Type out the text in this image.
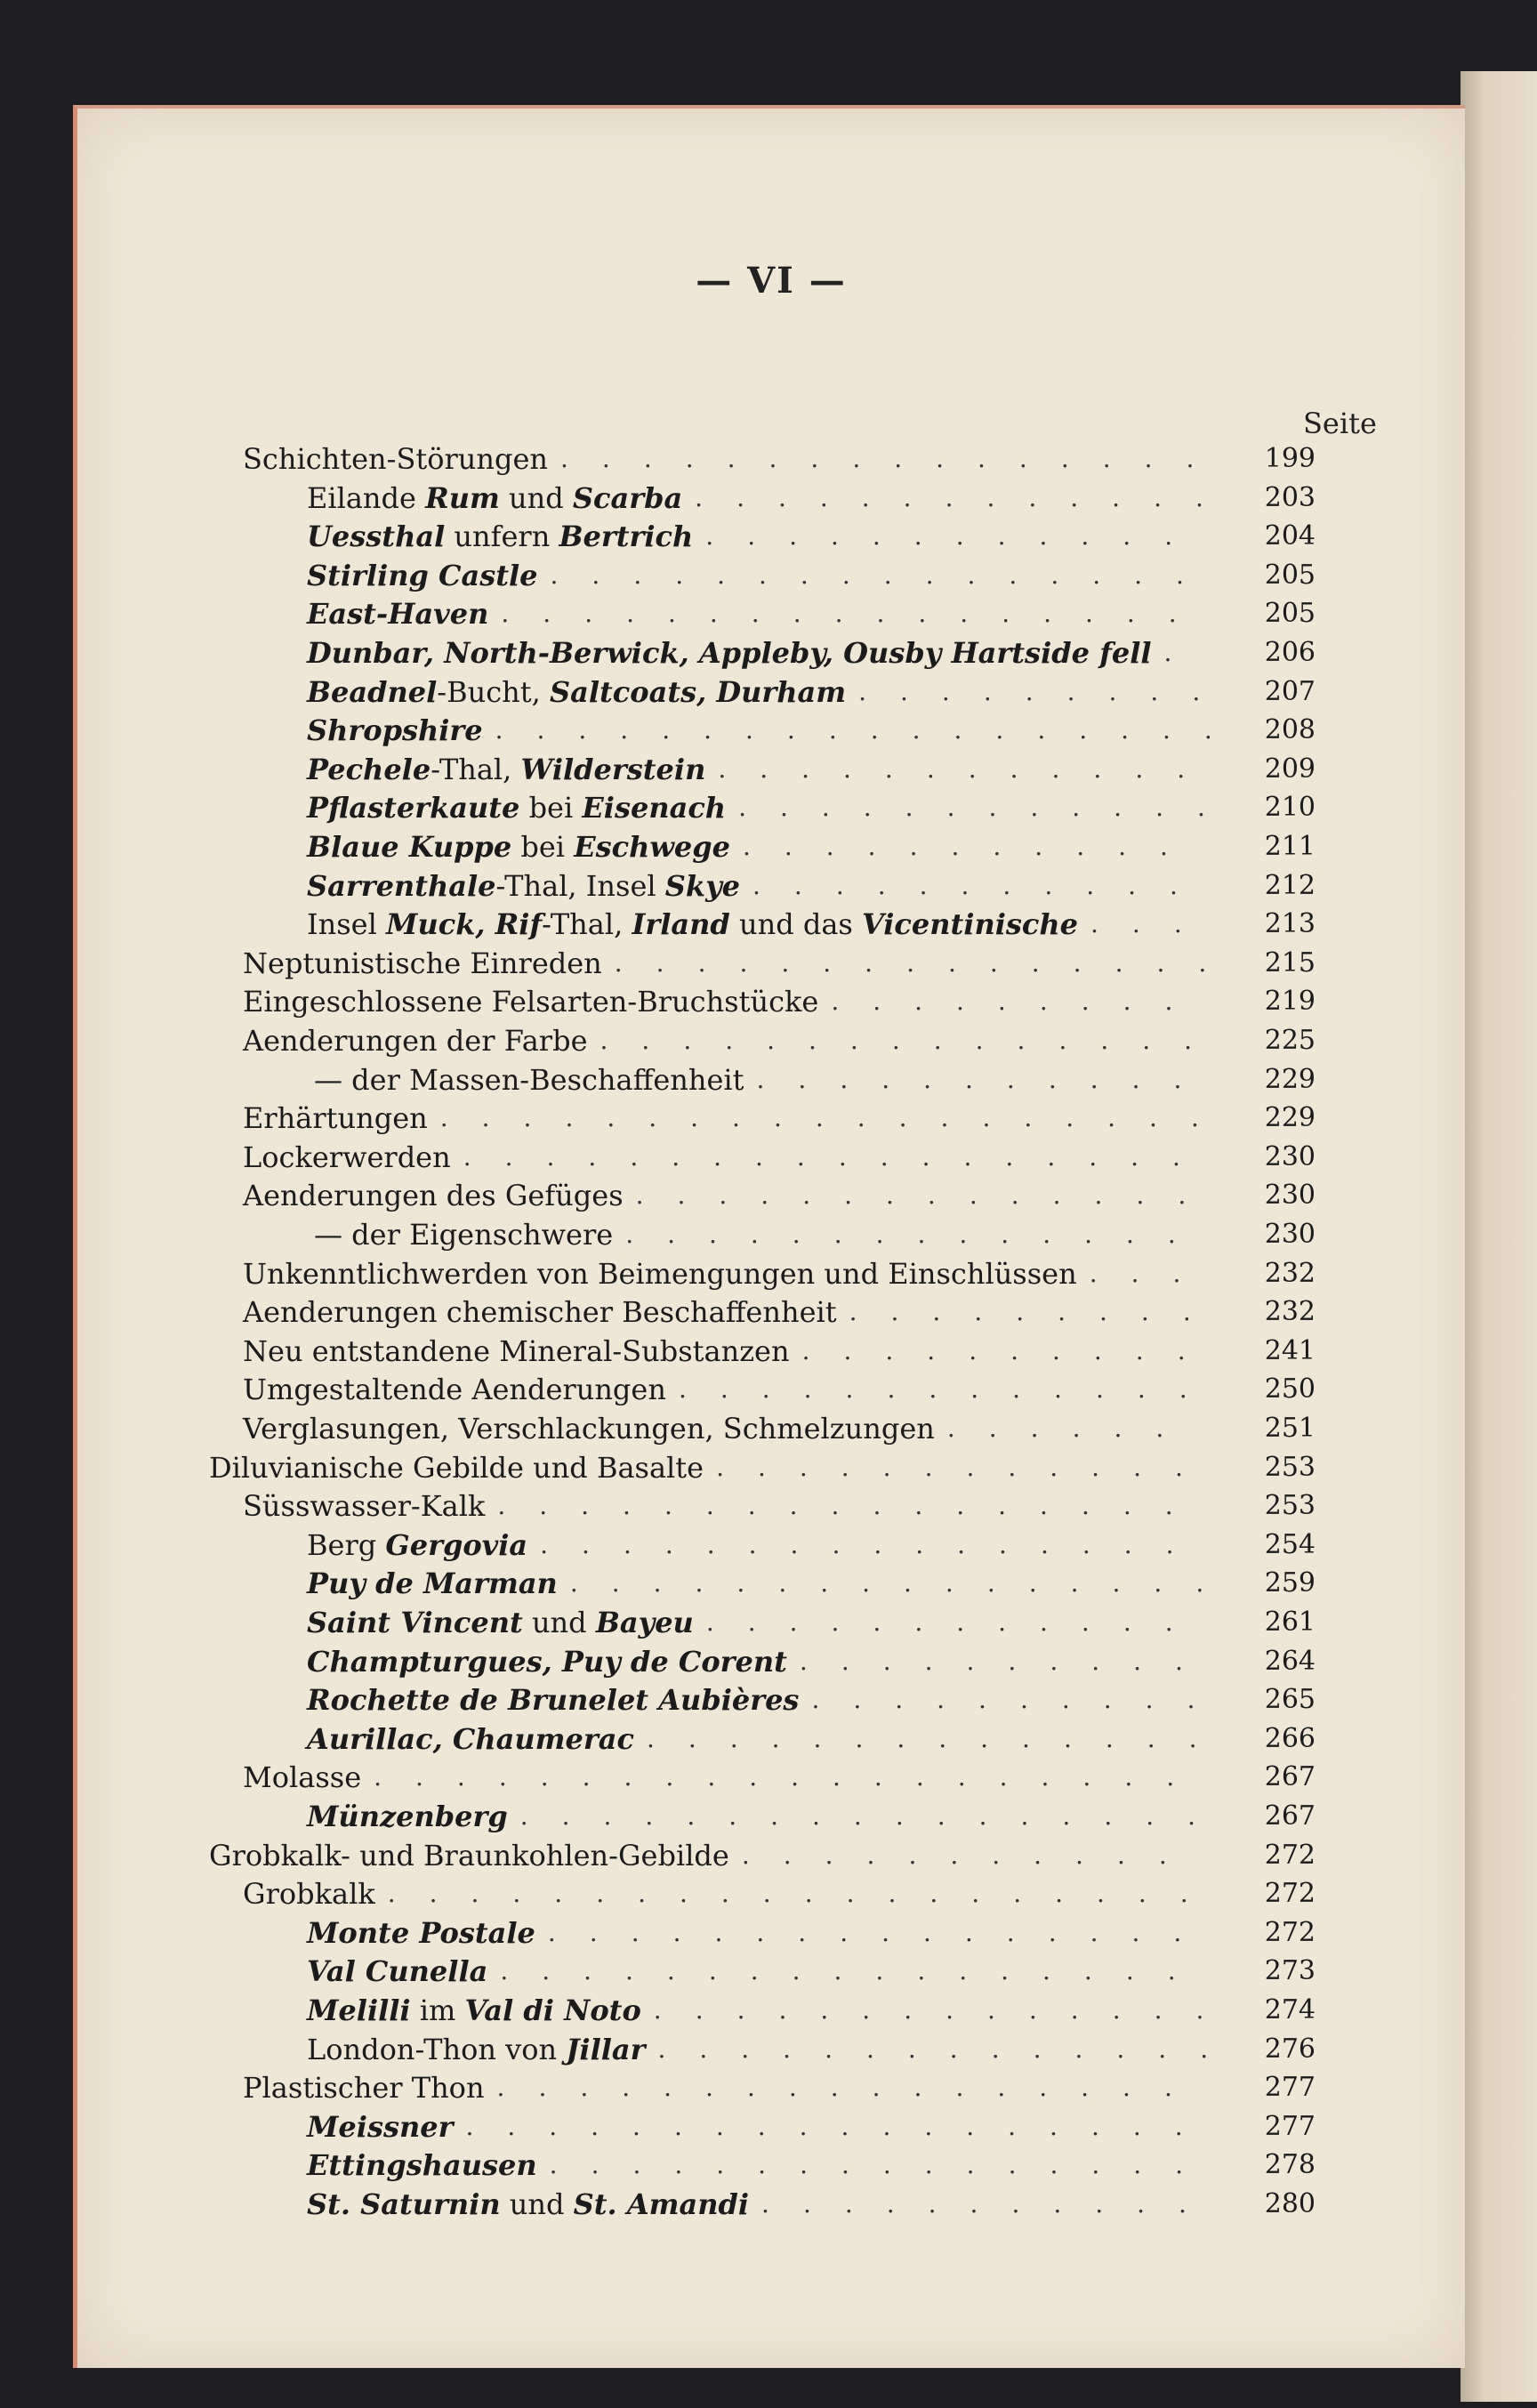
— VI —
Seite
Schichten-Störungen	199
................
Eilande Rum und Scarba	203
.............
Uessthal unfern Bertrich	204
............
Stirling Castle	205
................
East-Haven	205
.................
Dunbar, North-Berwick, Appleby, Ousby Hartside fell	206
.
Beadnel-Bucht, Saltcoats, Durham	207
.........
Shropshire	208
..................
Pechele-Thal, Wilderstein	209
............
Pflasterkaute bei Eisenach	210
............
Blaue Kuppe bei Eschwege	211
...........
Sarrenthale-Thal, Insel Skye	212
...........
Insel Muck, Rif-Thal, Irland und das Vicentinische	213
...
Neptunistische Einreden	215
...............
Eingeschlossene Felsarten-Bruchstücke	219
.........
Aenderungen der Farbe	225
...............
— der Massen-Beschaffenheit	229
...........
Erhärtungen	229
...................
Lockerwerden	230
..................
Aenderungen des Gefüges	230
..............
— der Eigenschwere	230
..............
Unkenntlichwerden von Beimengungen und Einschlüssen	232
...
Aenderungen chemischer Beschaffenheit	232
.........
Neu entstandene Mineral-Substanzen	241
..........
Umgestaltende Aenderungen	250
.............
Verglasungen, Verschlackungen, Schmelzungen	251
......
Diluvianische Gebilde und Basalte	253
............
Süsswasser-Kalk	253
.................
Berg Gergovia	254
................
Puy de Marman	259
................
Saint Vincent und Bayeu	261
............
Champturgues, Puy de Corent	264
..........
Rochette de Brunelet Aubières	265
..........
Aurillac, Chaumerac	266
..............
Molasse	267
....................
Münzenberg	267
.................
Grobkalk- und Braunkohlen-Gebilde	272
...........
Grobkalk	272
....................
Monte Postale	272
................
Val Cunella	273
.................
Melilli im Val di Noto	274
..............
London-Thon von Jillar	276
..............
Plastischer Thon	277
.................
Meissner	277
..................
Ettingshausen	278
................
St. Saturnin und St. Amandi	280
...........
